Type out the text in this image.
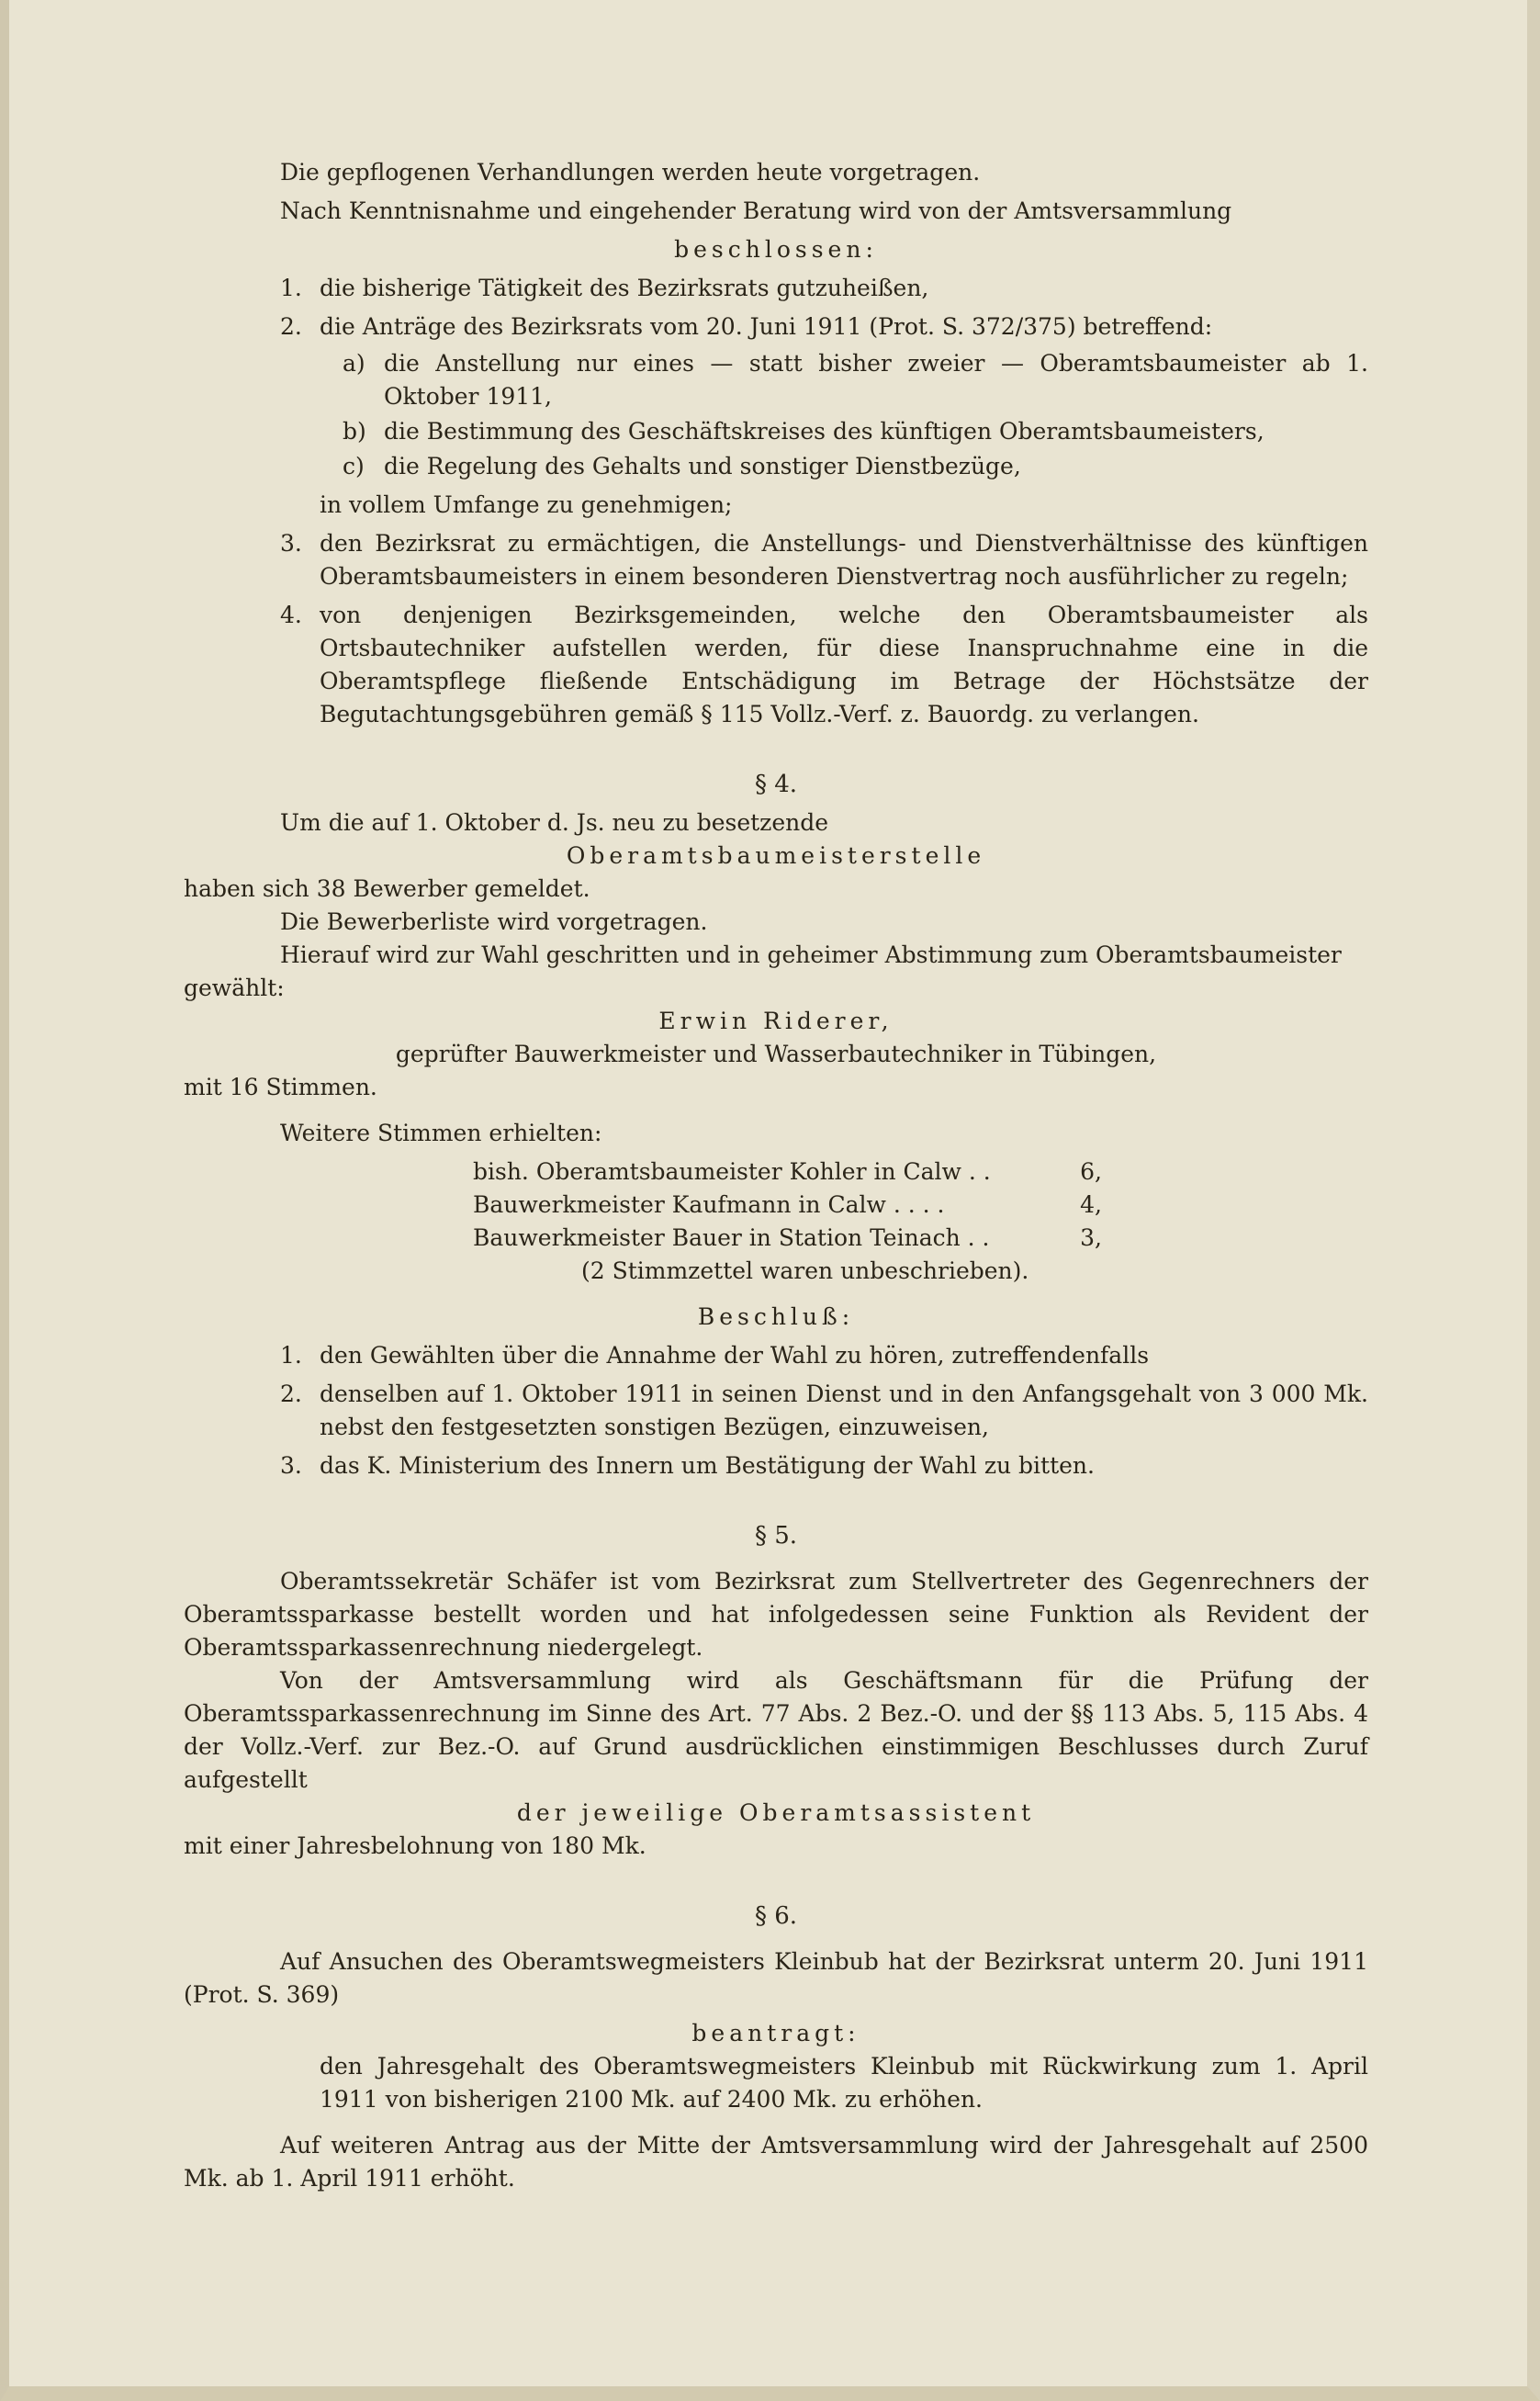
Die gepflogenen Verhandlungen werden heute vorgetragen.

Nach Kenntnisnahme und eingehender Beratung wird von der Amtsversammlung

beschlossen:

1. die bisherige Tätigkeit des Bezirksrats gutzuheißen,
2. die Anträge des Bezirksrats vom 20. Juni 1911 (Prot. S. 372/375) betreffend:
a) die Anstellung nur eines — statt bisher zweier — Oberamtsbaumeister ab 1. Oktober 1911,
b) die Bestimmung des Geschäftskreises des künftigen Oberamtsbaumeisters,
c) die Regelung des Gehalts und sonstiger Dienstbezüge,

in vollem Umfange zu genehmigen;

3. den Bezirksrat zu ermächtigen, die Anstellungs- und Dienstverhältnisse des künftigen Oberamtsbaumeisters in einem besonderen Dienstvertrag noch ausführlicher zu regeln;
4. von denjenigen Bezirksgemeinden, welche den Oberamtsbaumeister als Ortsbautechniker aufstellen werden, für diese Inanspruchnahme eine in die Oberamtspflege fließende Entschädigung im Betrage der Höchstsätze der Begutachtungsgebühren gemäß § 115 Vollz.-Verf. z. Bauordg. zu verlangen.

§ 4.

Um die auf 1. Oktober d. Js. neu zu besetzende

Oberamtsbaumeisterstelle

haben sich 38 Bewerber gemeldet.

Die Bewerberliste wird vorgetragen.

Hierauf wird zur Wahl geschritten und in geheimer Abstimmung zum Oberamtsbaumeister gewählt:

Erwin Riderer,

geprüfter Bauwerkmeister und Wasserbautechniker in Tübingen,

mit 16 Stimmen.

Weitere Stimmen erhielten:

bish. Oberamtsbaumeister Kohler in Calw . .	6,
Bauwerkmeister Kaufmann in Calw . . . .	4,
Bauwerkmeister Bauer in Station Teinach . .	3,

(2 Stimmzettel waren unbeschrieben).

Beschluß:

1. den Gewählten über die Annahme der Wahl zu hören, zutreffendenfalls
2. denselben auf 1. Oktober 1911 in seinen Dienst und in den Anfangsgehalt von 3 000 Mk. nebst den festgesetzten sonstigen Bezügen, einzuweisen,
3. das K. Ministerium des Innern um Bestätigung der Wahl zu bitten.

§ 5.

Oberamtssekretär Schäfer ist vom Bezirksrat zum Stellvertreter des Gegenrechners der Oberamtssparkasse bestellt worden und hat infolgedessen seine Funktion als Revident der Oberamtssparkassenrechnung niedergelegt.

Von der Amtsversammlung wird als Geschäftsmann für die Prüfung der Oberamtssparkassenrechnung im Sinne des Art. 77 Abs. 2 Bez.-O. und der §§ 113 Abs. 5, 115 Abs. 4 der Vollz.-Verf. zur Bez.-O. auf Grund ausdrücklichen einstimmigen Beschlusses durch Zuruf aufgestellt

der jeweilige Oberamtsassistent

mit einer Jahresbelohnung von 180 Mk.

§ 6.

Auf Ansuchen des Oberamtswegmeisters Kleinbub hat der Bezirksrat unterm 20. Juni 1911 (Prot. S. 369)

beantragt:

den Jahresgehalt des Oberamtswegmeisters Kleinbub mit Rückwirkung zum 1. April 1911 von bisherigen 2100 Mk. auf 2400 Mk. zu erhöhen.

Auf weiteren Antrag aus der Mitte der Amtsversammlung wird der Jahresgehalt auf 2500 Mk. ab 1. April 1911 erhöht.
